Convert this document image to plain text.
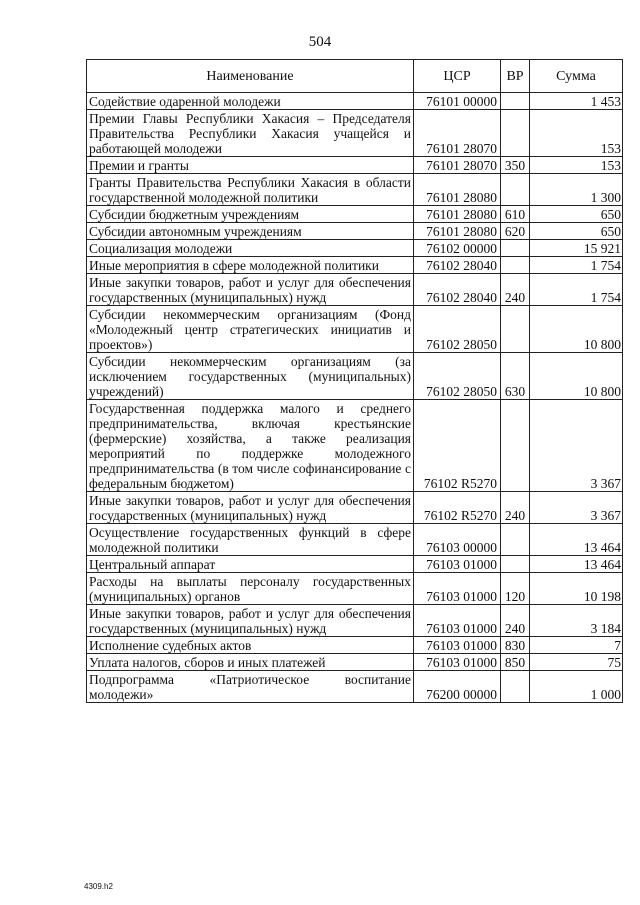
504
Наименование	ЦСР	ВР	Сумма
Содействие одаренной молодежи	76101 00000		1 453
Премии Главы Республики Хакасия – Председателя Правительства Республики Хакасия учащейся и работающей молодежи	76101 28070		153
Премии и гранты	76101 28070	350	153
Гранты Правительства Республики Хакасия в области государственной молодежной политики	76101 28080		1 300
Субсидии бюджетным учреждениям	76101 28080	610	650
Субсидии автономным учреждениям	76101 28080	620	650
Социализация молодежи	76102 00000		15 921
Иные мероприятия в сфере молодежной политики	76102 28040		1 754
Иные закупки товаров, работ и услуг для обеспечения государственных (муниципальных) нужд	76102 28040	240	1 754
Субсидии некоммерческим организациям (Фонд «Молодежный центр стратегических инициатив и проектов»)	76102 28050		10 800
Субсидии некоммерческим организациям (за исключением государственных (муниципальных) учреждений)	76102 28050	630	10 800
Государственная поддержка малого и среднего предпринимательства, включая крестьянские (фермерские) хозяйства, а также реализация мероприятий по поддержке молодежного предпринимательства (в том числе софинансирование с федеральным бюджетом)	76102 R5270		3 367
Иные закупки товаров, работ и услуг для обеспечения государственных (муниципальных) нужд	76102 R5270	240	3 367
Осуществление государственных функций в сфере молодежной политики	76103 00000		13 464
Центральный аппарат	76103 01000		13 464
Расходы на выплаты персоналу государственных (муниципальных) органов	76103 01000	120	10 198
Иные закупки товаров, работ и услуг для обеспечения государственных (муниципальных) нужд	76103 01000	240	3 184
Исполнение судебных актов	76103 01000	830	7
Уплата налогов, сборов и иных платежей	76103 01000	850	75
Подпрограмма «Патриотическое воспитание молодежи»	76200 00000		1 000
4309.h2
